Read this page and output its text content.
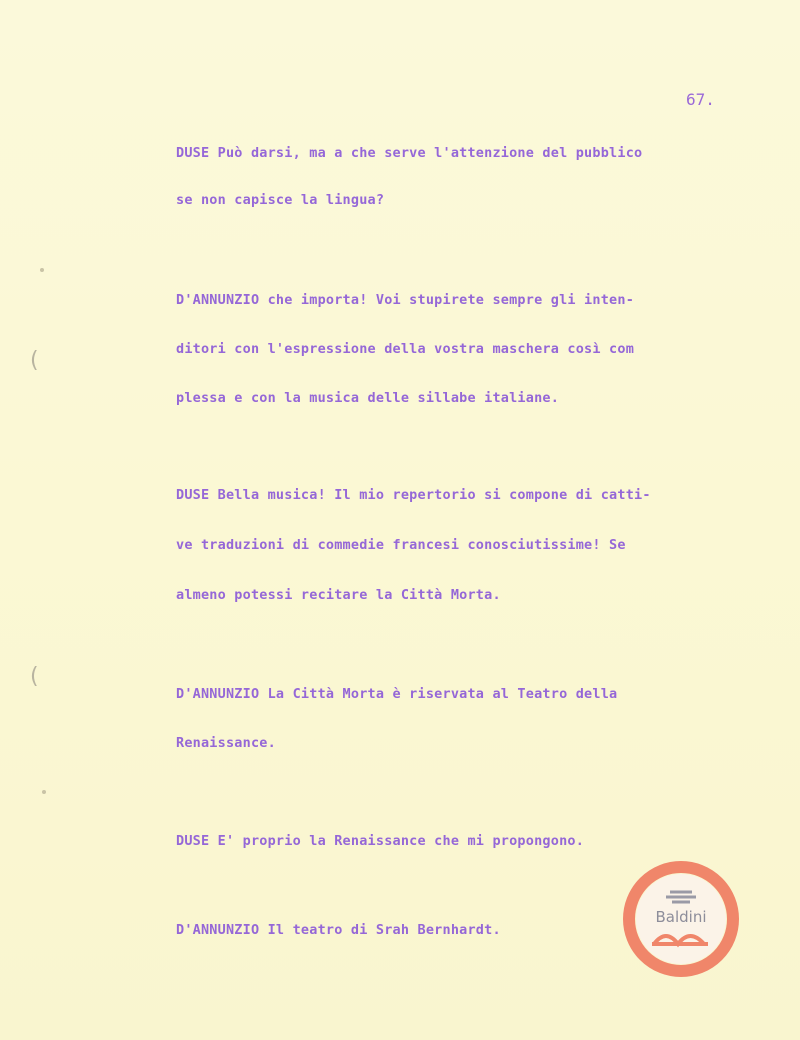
67.
DUSE Può darsi, ma a che serve l'attenzione del pubblico
se non capisce la lingua?
D'ANNUNZIO che importa! Voi stupirete sempre gli inten-
ditori con l'espressione della vostra maschera così com
plessa e con la musica delle sillabe italiane.
DUSE Bella musica! Il mio repertorio si compone di catti-
ve traduzioni di commedie francesi conosciutissime! Se
almeno potessi recitare la Città Morta.
D'ANNUNZIO La Città Morta è riservata al Teatro della
Renaissance.
DUSE E' proprio la Renaissance che mi propongono.
D'ANNUNZIO Il teatro di Srah Bernhardt.
(
(
Baldini
